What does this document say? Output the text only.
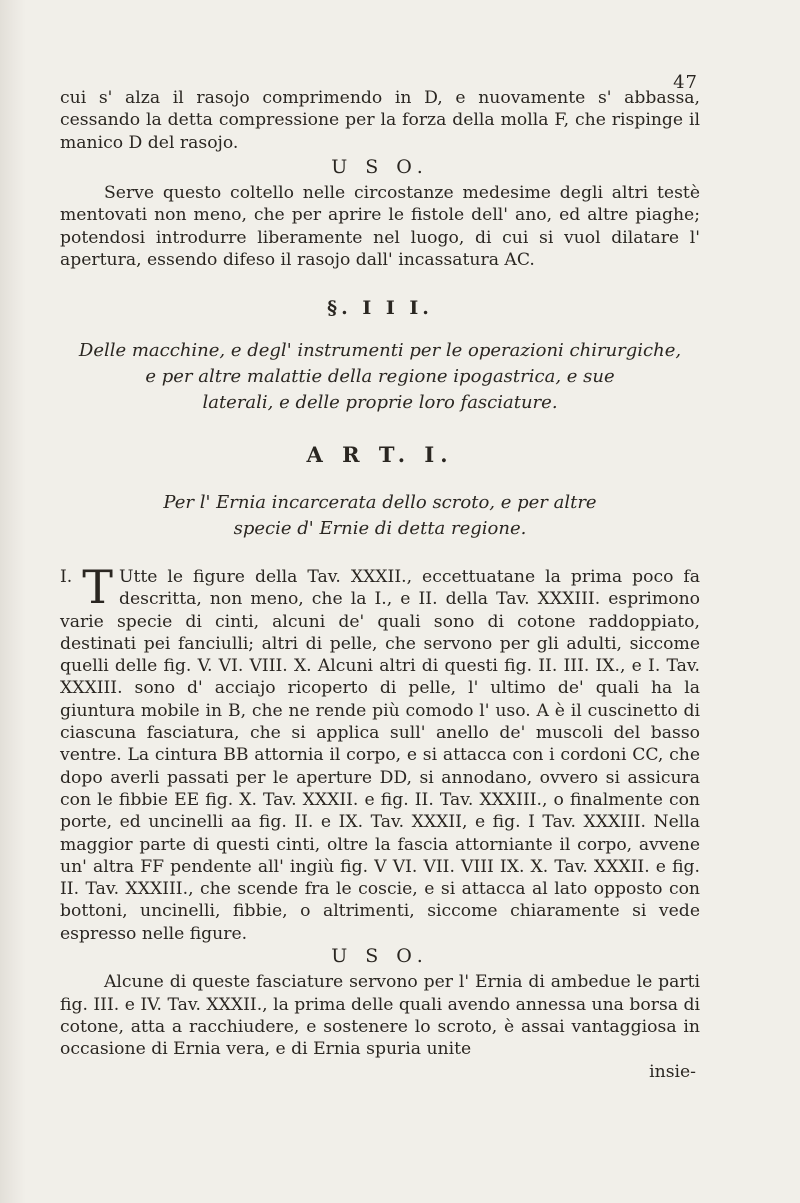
47

cui s' alza il rasojo comprimendo in D, e nuovamente s' abbassa, cessando la detta compressione per la forza della molla F, che rispinge il manico D del rasojo.

U S O.

Serve questo coltello nelle circostanze medesime degli altri testè mentovati non meno, che per aprire le fistole dell' ano, ed altre piaghe; potendosi introdurre liberamente nel luogo, di cui si vuol dilatare l' apertura, essendo difeso il rasojo dall' incassatura AC.

§. I I I.
Delle macchine, e degl' instrumenti per le operazioni chirurgiche,
e per altre malattie della regione ipogastrica, e sue
laterali, e delle proprie loro fasciature.
A R T. I.
Per l' Ernia incarcerata dello scroto, e per altre
specie d' Ernie di detta regione.

I. T Utte le figure della Tav. XXXII., eccettuatane la prima poco fa descritta, non meno, che la I., e II. della Tav. XXXIII. esprimono varie specie di cinti, alcuni de' quali sono di cotone raddoppiato, destinati pei fanciulli; altri di pelle, che servono per gli adulti, siccome quelli delle fig. V. VI. VIII. X. Alcuni altri di questi fig. II. III. IX., e I. Tav. XXXIII. sono d' acciajo ricoperto di pelle, l' ultimo de' quali ha la giuntura mobile in B, che ne rende più comodo l' uso. A è il cuscinetto di ciascuna fasciatura, che si applica sull' anello de' muscoli del basso ventre. La cintura BB attornia il corpo, e si attacca con i cordoni CC, che dopo averli passati per le aperture DD, si annodano, ovvero si assicura con le fibbie EE fig. X. Tav. XXXII. e fig. II. Tav. XXXIII., o finalmente con porte, ed uncinelli aa fig. II. e IX. Tav. XXXII, e fig. I Tav. XXXIII. Nella maggior parte di questi cinti, oltre la fascia attorniante il corpo, avvene un' altra FF pendente all' ingiù fig. V VI. VII. VIII IX. X. Tav. XXXII. e fig. II. Tav. XXXIII., che scende fra le coscie, e si attacca al lato opposto con bottoni, uncinelli, fibbie, o altrimenti, siccome chiaramente si vede espresso nelle figure.

U S O.

Alcune di queste fasciature servono per l' Ernia di ambedue le parti fig. III. e IV. Tav. XXXII., la prima delle quali avendo annessa una borsa di cotone, atta a racchiudere, e sostenere lo scroto, è assai vantaggiosa in occasione di Ernia vera, e di Ernia spuria unite

insie-
